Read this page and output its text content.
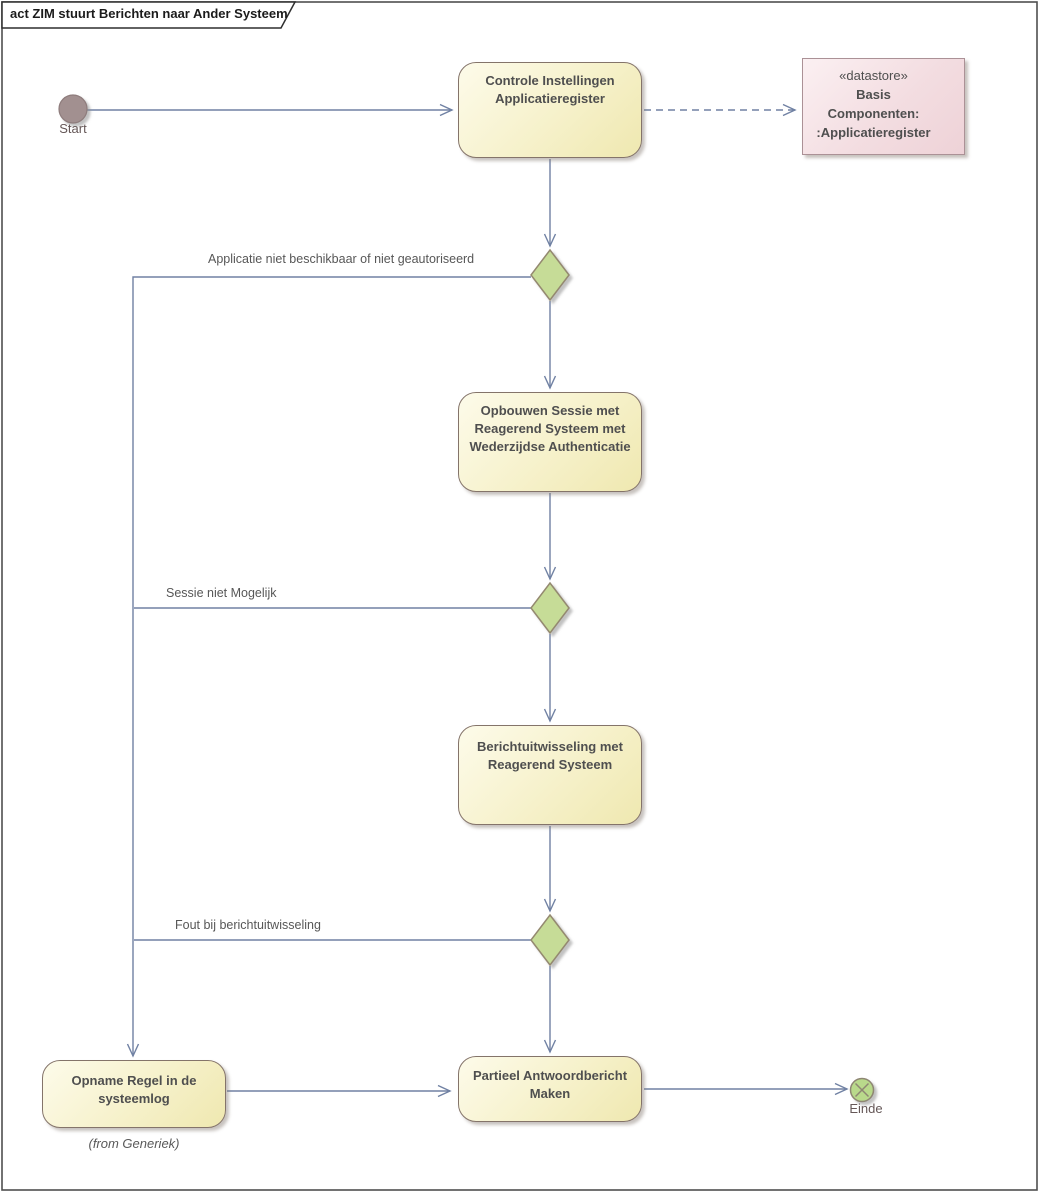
act ZIM stuurt Berichten naar Ander Systeem
Start
Controle Instellingen Applicatieregister
«datastore»
Basis Componenten:
:Applicatieregister
Applicatie niet beschikbaar of niet geautoriseerd
Sessie niet Mogelijk
Fout bij berichtuitwisseling
Opbouwen Sessie met Reagerend Systeem met Wederzijdse Authenticatie
Berichtuitwisseling met Reagerend Systeem
Partieel Antwoordbericht Maken
Opname Regel in de systeemlog
(from Generiek)
Einde
